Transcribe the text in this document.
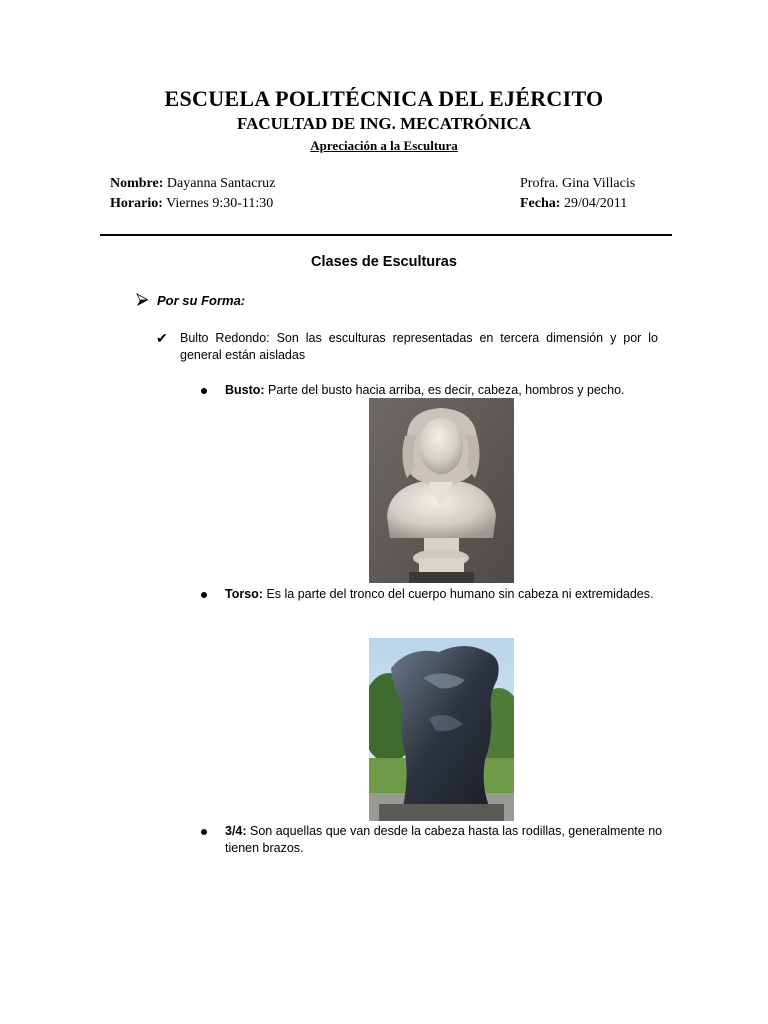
ESCUELA POLITÉCNICA DEL EJÉRCITO
FACULTAD DE ING. MECATRÓNICA
Apreciación a la Escultura
Nombre: Dayanna Santacruz	Profra. Gina Villacis
Horario: Viernes 9:30-11:30	Fecha: 29/04/2011
Clases de Esculturas
Por su Forma:
✔ Bulto Redondo: Son las esculturas representadas en tercera dimensión y por lo general están aisladas
Busto: Parte del busto hacia arriba, es decir, cabeza, hombros y pecho.
Torso: Es la parte del tronco del cuerpo humano sin cabeza ni extremidades.
3/4: Son aquellas que van desde la cabeza hasta las rodillas, generalmente no tienen brazos.
